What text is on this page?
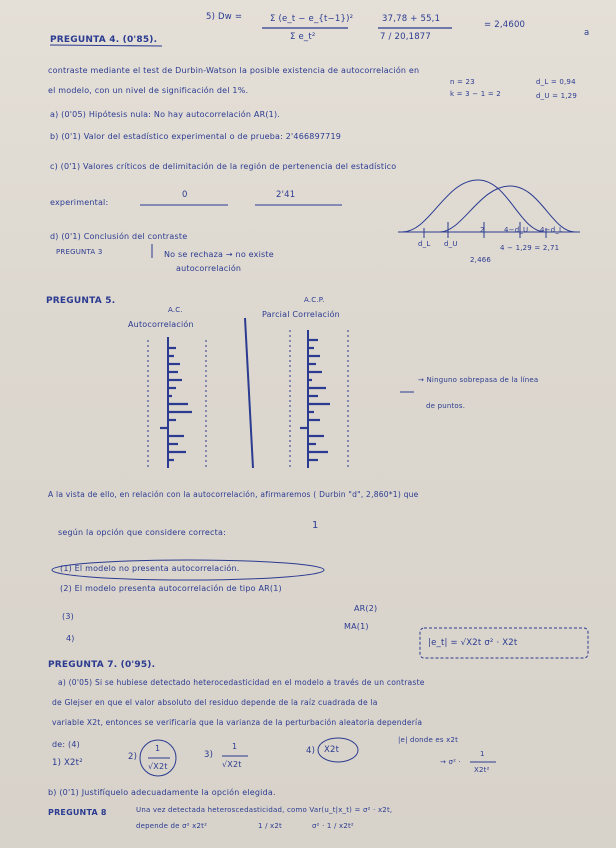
5) Dw =	Σ (e_t − e_{t−1})²
Σ e_t²
37,78 + 55,1
7 / 20,1877
= 2,4600
a
PREGUNTA 4. (0'85).
contraste mediante el test de Durbin-Watson la posible existencia de autocorrelación en
el modelo, con un nivel de significación del 1%.
n = 23
k = 3 − 1 = 2
d_L = 0,94
d_U = 1,29
a) (0'05) Hipótesis nula: No hay autocorrelación AR(1).
b) (0'1) Valor del estadístico experimental o de prueba: 2'466897719
c) (0'1) Valores críticos de delimitación de la región de pertenencia del estadístico
experimental:
0	2'41
d) (0'1) Conclusión del contraste
PREGUNTA 3	No se rechaza → no existe
autocorrelación
d_L d_U
2	4−d_U 4−d_L
4 − 1,29 = 2,71
2,466
PREGUNTA 5.
A.C.
Autocorrelación
A.C.P.
Parcial Correlación
→ Ninguno sobrepasa de la línea
de puntos.
A la vista de ello, en relación con la autocorrelación, afirmaremos ( Durbin "d", 2,860*1) que
según la opción que considere correcta:
1
(1) El modelo no presenta autocorrelación.
(2) El modelo presenta autocorrelación de tipo AR(1)
AR(2)
(3)
MA(1)
4)	|e_t| = √X2t σ² · X2t
PREGUNTA 7. (0'95).
a) (0'05) Si se hubiese detectado heterocedasticidad en el modelo a través de un contraste
de Glejser en que el valor absoluto del residuo depende de la raíz cuadrada de la
variable X2t, entonces se verificaría que la varianza de la perturbación aleatoria dependería
de: (4)	|e| donde es x2t
1) X2t²
2)
1
√X2t
3)
1
√X2t
4) X2t
→ σ² ·
1
X2t²
b) (0'1) Justifíquelo adecuadamente la opción elegida.
PREGUNTA 8	Una vez detectada heteroscedasticidad, como Var(u_t|x_t) = σ² · x2t,
depende de σ² x2t²	1 / x2t	σ² · 1 / x2t²
